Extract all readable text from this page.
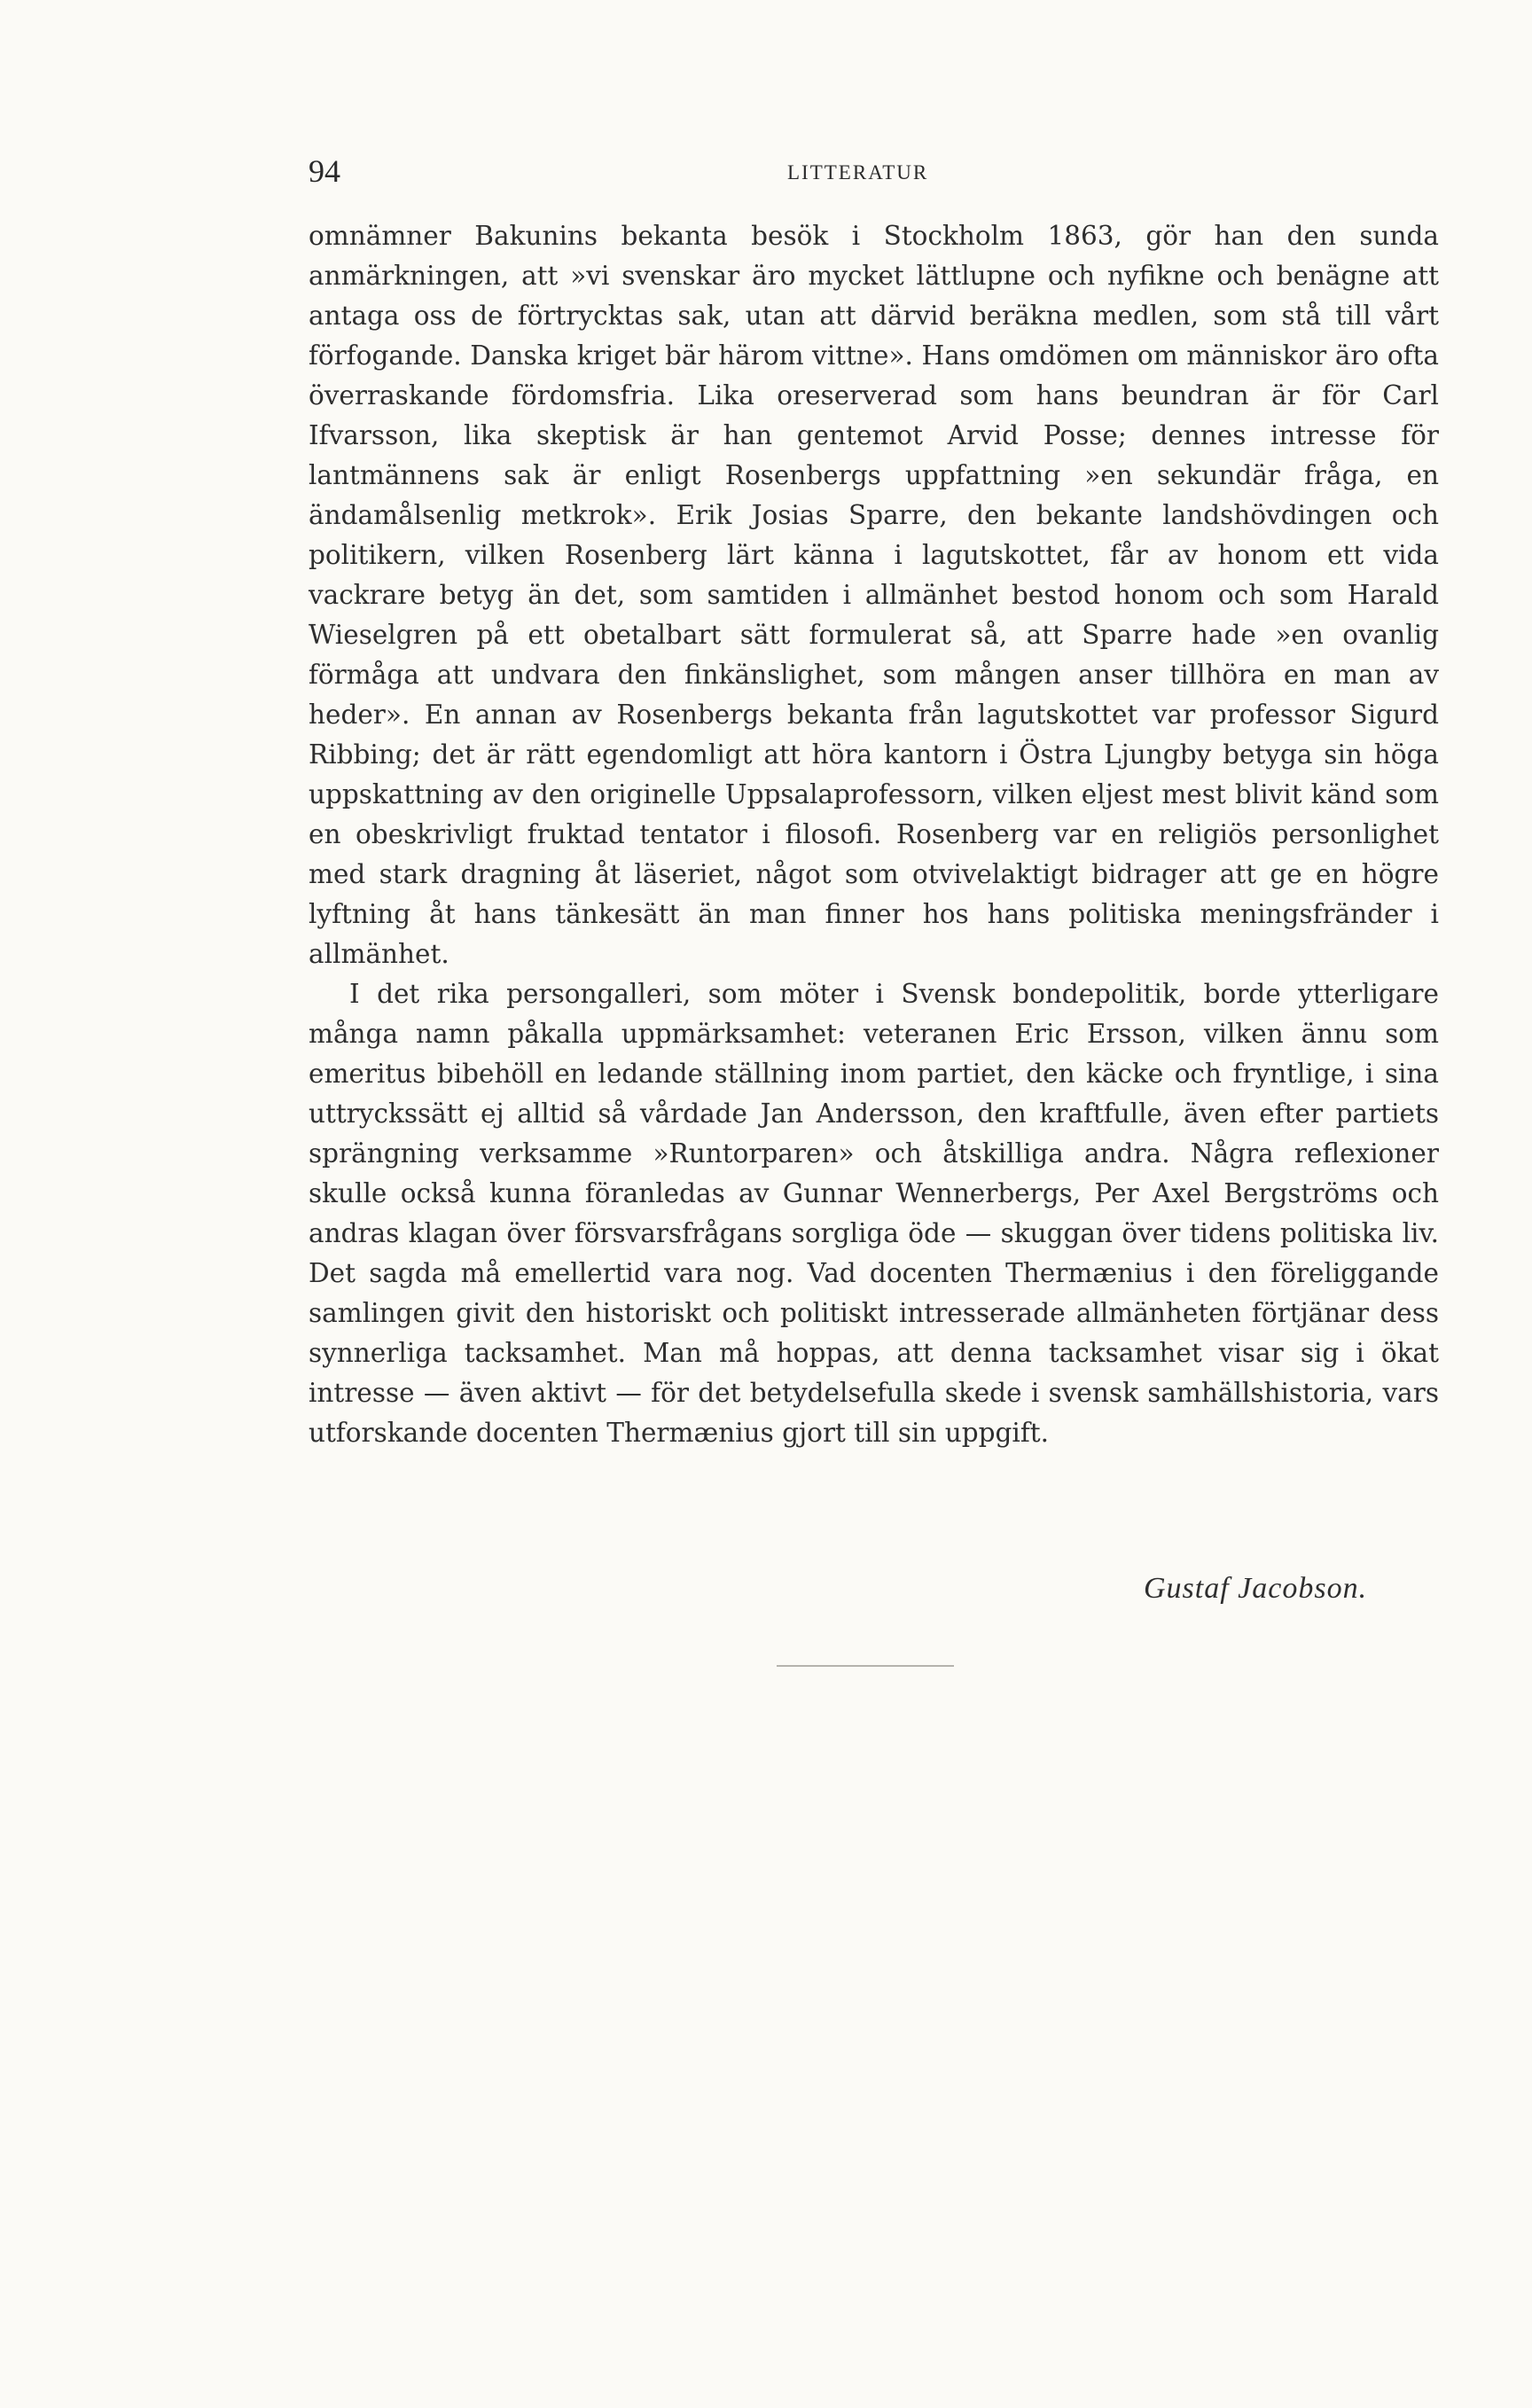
94	LITTERATUR

omnämner Bakunins bekanta besök i Stockholm 1863, gör han den sunda anmärkningen, att »vi svenskar äro mycket lättlupne och nyfikne och benägne att antaga oss de förtrycktas sak, utan att därvid beräkna medlen, som stå till vårt förfogande. Danska kriget bär härom vittne». Hans omdömen om människor äro ofta överraskande fördomsfria. Lika oreserverad som hans beundran är för Carl Ifvarsson, lika skeptisk är han gentemot Arvid Posse; dennes intresse för lantmännens sak är enligt Rosenbergs uppfattning »en sekundär fråga, en ändamålsenlig metkrok». Erik Josias Sparre, den bekante landshövdingen och politikern, vilken Rosenberg lärt känna i lagutskottet, får av honom ett vida vackrare betyg än det, som samtiden i allmänhet bestod honom och som Harald Wieselgren på ett obetalbart sätt formulerat så, att Sparre hade »en ovanlig förmåga att undvara den finkänslighet, som mången anser tillhöra en man av heder». En annan av Rosenbergs bekanta från lagutskottet var professor Sigurd Ribbing; det är rätt egendomligt att höra kantorn i Östra Ljungby betyga sin höga uppskattning av den originelle Uppsalaprofessorn, vilken eljest mest blivit känd som en obeskrivligt fruktad tentator i filosofi. Rosenberg var en religiös personlighet med stark dragning åt läseriet, något som otvivelaktigt bidrager att ge en högre lyftning åt hans tänkesätt än man finner hos hans politiska meningsfränder i allmänhet.

I det rika persongalleri, som möter i Svensk bondepolitik, borde ytterligare många namn påkalla uppmärksamhet: veteranen Eric Ersson, vilken ännu som emeritus bibehöll en ledande ställning inom partiet, den käcke och fryntlige, i sina uttryckssätt ej alltid så vårdade Jan Andersson, den kraftfulle, även efter partiets sprängning verksamme »Runtorparen» och åtskilliga andra. Några reflexioner skulle också kunna föranledas av Gunnar Wennerbergs, Per Axel Bergströms och andras klagan över försvarsfrågans sorgliga öde — skuggan över tidens politiska liv. Det sagda må emellertid vara nog. Vad docenten Thermænius i den föreliggande samlingen givit den historiskt och politiskt intresserade allmänheten förtjänar dess synnerliga tacksamhet. Man må hoppas, att denna tacksamhet visar sig i ökat intresse — även aktivt — för det betydelsefulla skede i svensk samhällshistoria, vars utforskande docenten Thermænius gjort till sin uppgift.

Gustaf Jacobson.
